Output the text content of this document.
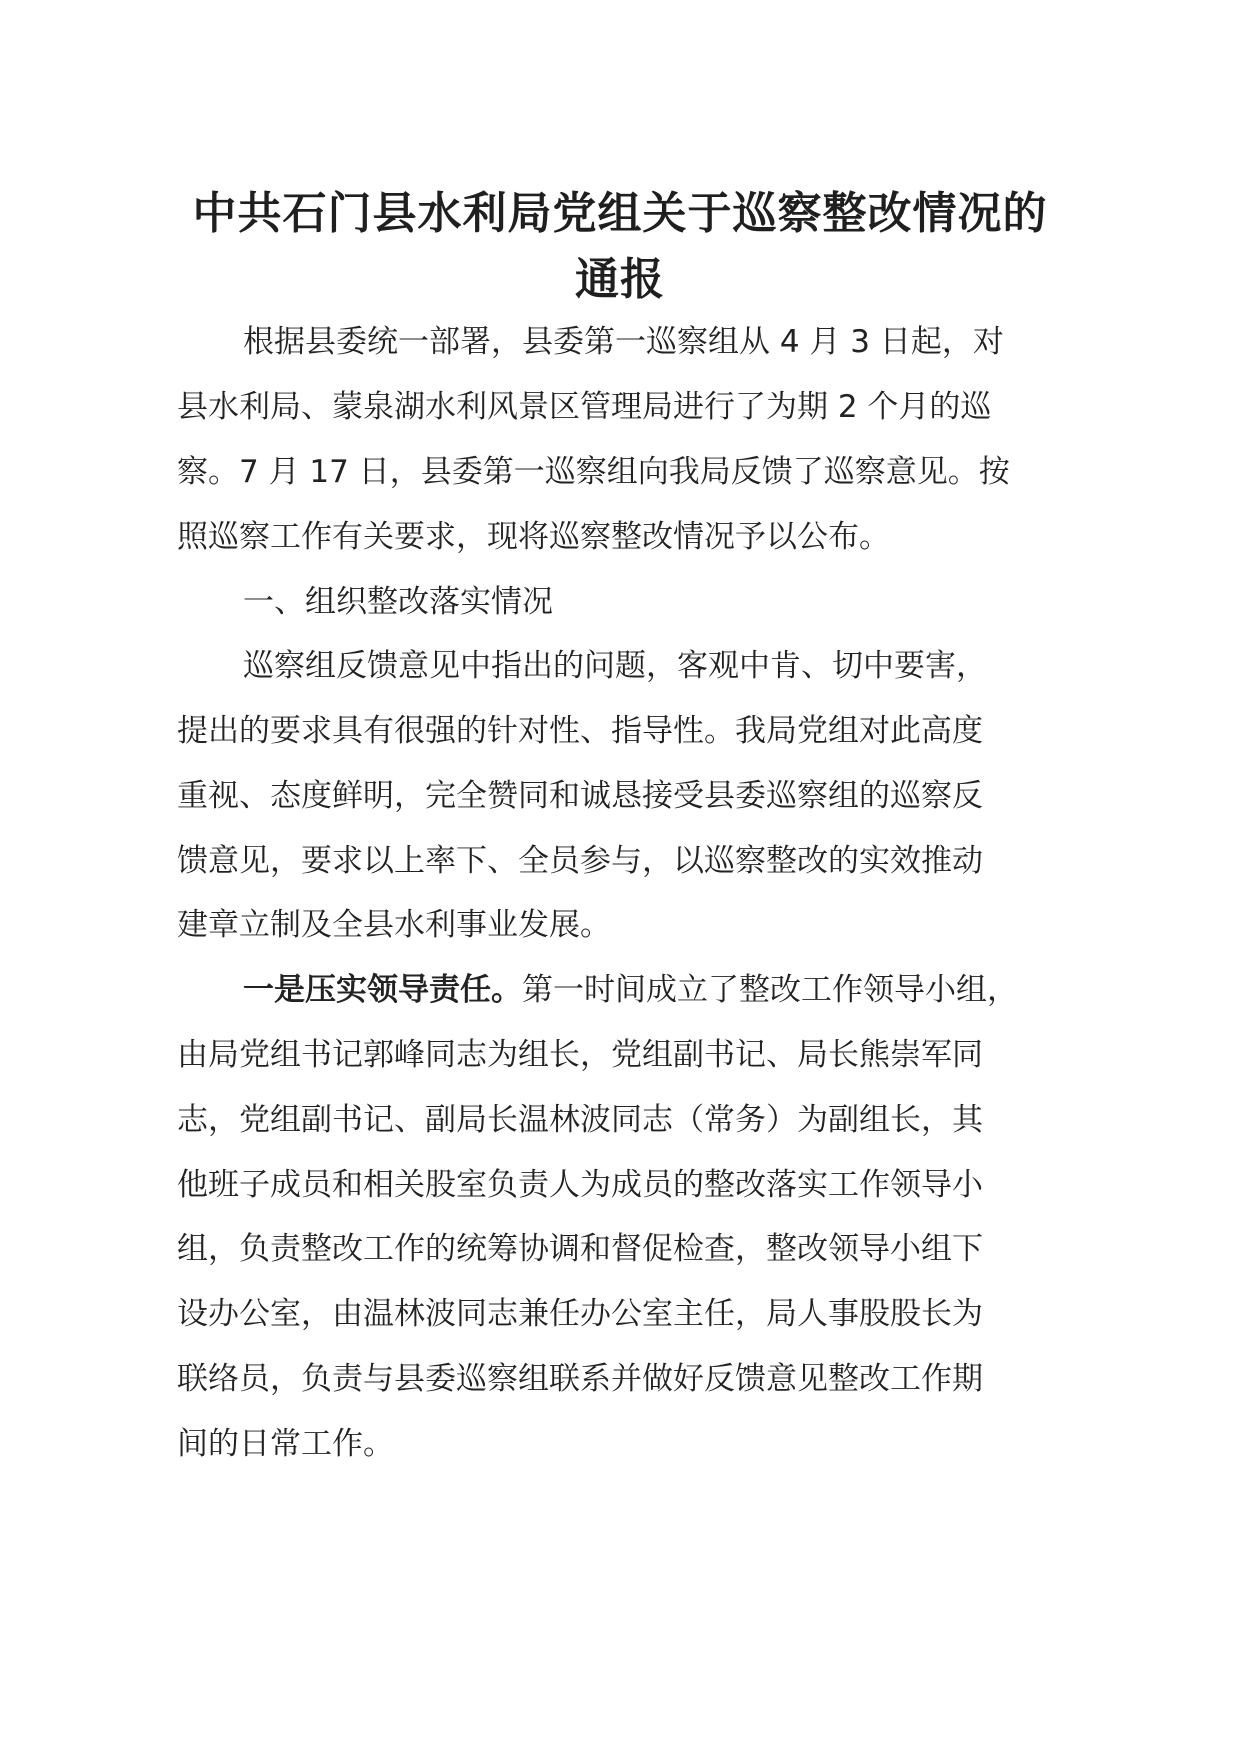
中共石门县水利局党组关于巡察整改情况的
通报

根据县委统一部署，县委第一巡察组从 4 月 3 日起，对

县水利局、蒙泉湖水利风景区管理局进行了为期 2 个月的巡

察。7 月 17 日，县委第一巡察组向我局反馈了巡察意见。按

照巡察工作有关要求，现将巡察整改情况予以公布。

一、组织整改落实情况

巡察组反馈意见中指出的问题，客观中肯、切中要害，

提出的要求具有很强的针对性、指导性。我局党组对此高度

重视、态度鲜明，完全赞同和诚恳接受县委巡察组的巡察反

馈意见，要求以上率下、全员参与，以巡察整改的实效推动

建章立制及全县水利事业发展。

一是压实领导责任。第一时间成立了整改工作领导小组，

由局党组书记郭峰同志为组长，党组副书记、局长熊崇军同

志，党组副书记、副局长温林波同志（常务）为副组长，其

他班子成员和相关股室负责人为成员的整改落实工作领导小

组，负责整改工作的统筹协调和督促检查，整改领导小组下

设办公室，由温林波同志兼任办公室主任，局人事股股长为

联络员，负责与县委巡察组联系并做好反馈意见整改工作期

间的日常工作。
